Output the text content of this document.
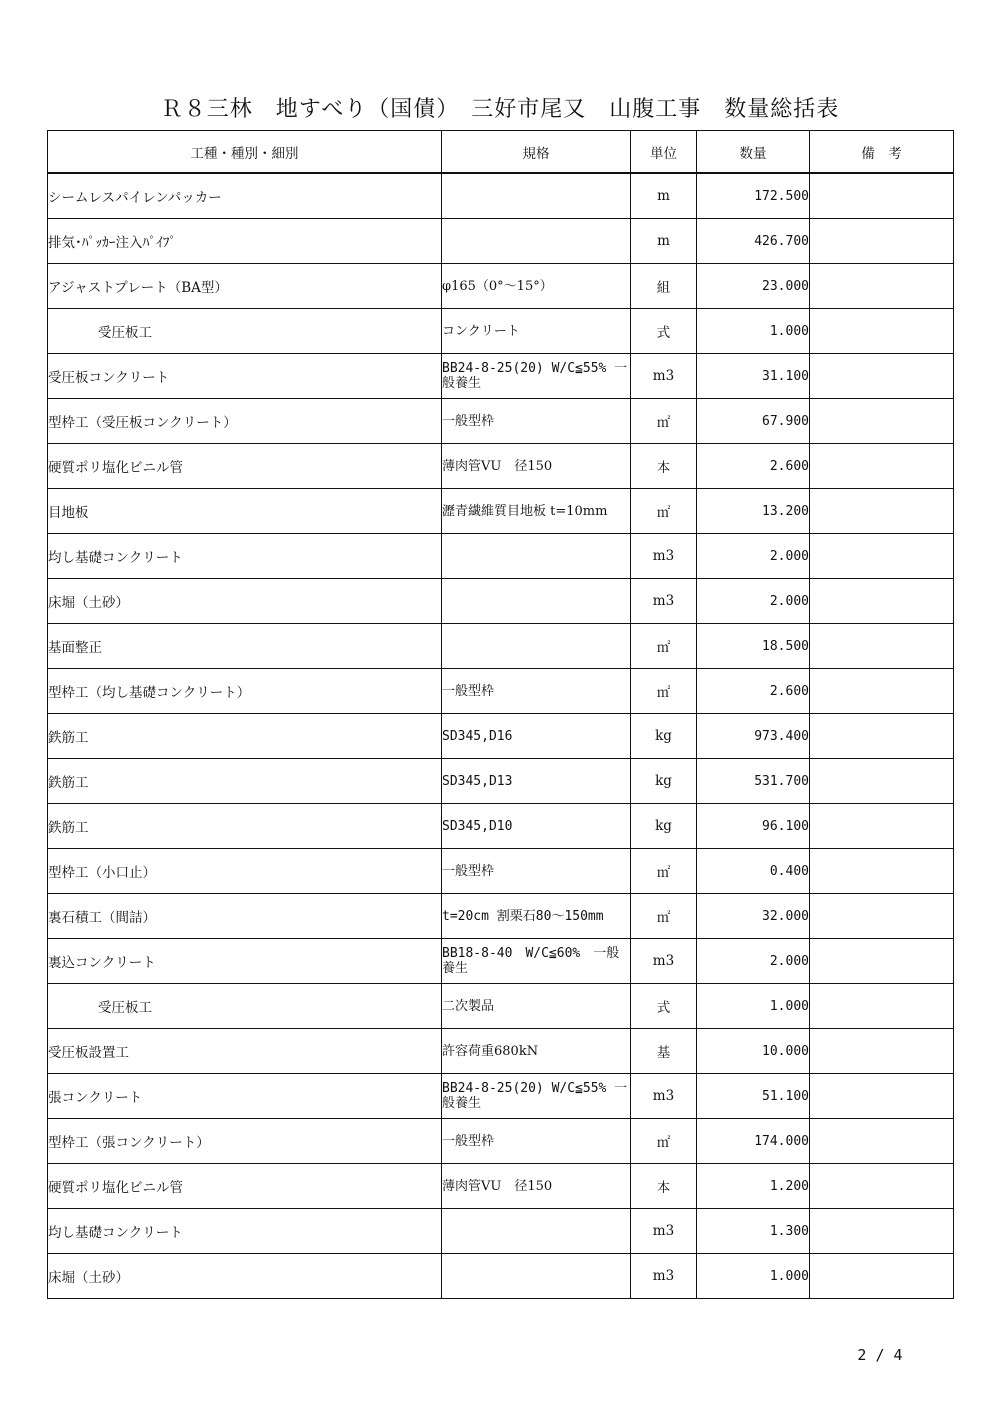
Ｒ８三林　地すべり（国債）　三好市尾又　山腹工事　数量総括表
工種・種別・細別	規格	単位	数量	備　考
シームレスパイレンパッカー		m	172.500	
排気･ﾊﾟｯｶｰ注入ﾊﾟｲﾌﾟ		m	426.700	
アジャストプレート（BA型）	φ165（0°～15°）	組	23.000	
受圧板工	コンクリート	式	1.000	
受圧板コンクリート	BB24-8-25(20) W/C≦55% 一般養生	m3	31.100	
型枠工（受圧板コンクリート）	一般型枠	㎡	67.900	
硬質ポリ塩化ビニル管	薄肉管VU　径150	本	2.600	
目地板	瀝青繊維質目地板 t=10mm	㎡	13.200	
均し基礎コンクリート		m3	2.000	
床堀（土砂）		m3	2.000	
基面整正		㎡	18.500	
型枠工（均し基礎コンクリート）	一般型枠	㎡	2.600	
鉄筋工	SD345,D16	kg	973.400	
鉄筋工	SD345,D13	kg	531.700	
鉄筋工	SD345,D10	kg	96.100	
型枠工（小口止）	一般型枠	㎡	0.400	
裏石積工（間詰）	t=20cm 割栗石80～150mm	㎡	32.000	
裏込コンクリート	BB18-8-40　W/C≦60%　一般養生	m3	2.000	
受圧板工	二次製品	式	1.000	
受圧板設置工	許容荷重680kN	基	10.000	
張コンクリート	BB24-8-25(20) W/C≦55% 一般養生	m3	51.100	
型枠工（張コンクリート）	一般型枠	㎡	174.000	
硬質ポリ塩化ビニル管	薄肉管VU　径150	本	1.200	
均し基礎コンクリート		m3	1.300	
床堀（土砂）		m3	1.000	
2 / 4
